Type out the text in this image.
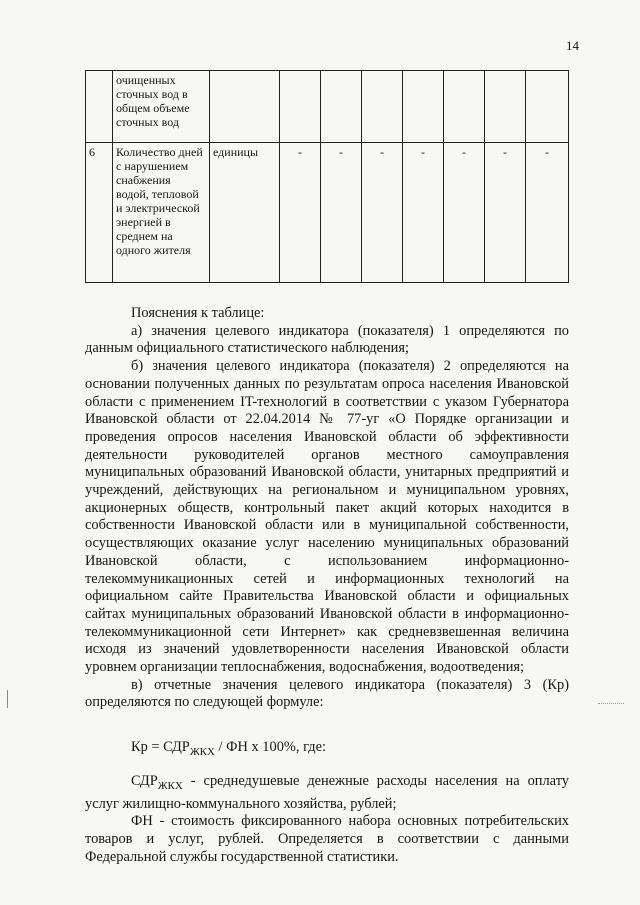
14
	очищенных сточных вод в общем объеме сточных вод								
6	Количество дней с нарушением снабжения водой, тепловой и электрической энергией в среднем на одного жителя	единицы	-	-	-	-	-	-	-

Пояснения к таблице:

а) значения целевого индикатора (показателя) 1 определяются по данным официального статистического наблюдения;

б) значения целевого индикатора (показателя) 2 определяются на основании полученных данных по результатам опроса населения Ивановской области с применением IT-технологий в соответствии с указом Губернатора Ивановской области от 22.04.2014 № 77-уг «О Порядке организации и проведения опросов населения Ивановской области об эффективности деятельности руководителей органов местного самоуправления муниципальных образований Ивановской области, унитарных предприятий и учреждений, действующих на региональном и муниципальном уровнях, акционерных обществ, контрольный пакет акций которых находится в собственности Ивановской области или в муниципальной собственности, осуществляющих оказание услуг населению муниципальных образований Ивановской области, с использованием информационно-телекоммуникационных сетей и информационных технологий на официальном сайте Правительства Ивановской области и официальных сайтах муниципальных образований Ивановской области в информационно-телекоммуникационной сети Интернет» как средневзвешенная величина исходя из значений удовлетворенности населения Ивановской области уровнем организации теплоснабжения, водоснабжения, водоотведения;

в) отчетные значения целевого индикатора (показателя) 3 (Кр) определяются по следующей формуле:

Кр = $СДР_{ЖКХ}$ / ФН x 100%, где:

$СДР_{ЖКХ}$ - среднедушевые денежные расходы населения на оплату услуг жилищно-коммунального хозяйства, рублей;

ФН - стоимость фиксированного набора основных потребительских товаров и услуг, рублей. Определяется в соответствии с данными Федеральной службы государственной статистики.
